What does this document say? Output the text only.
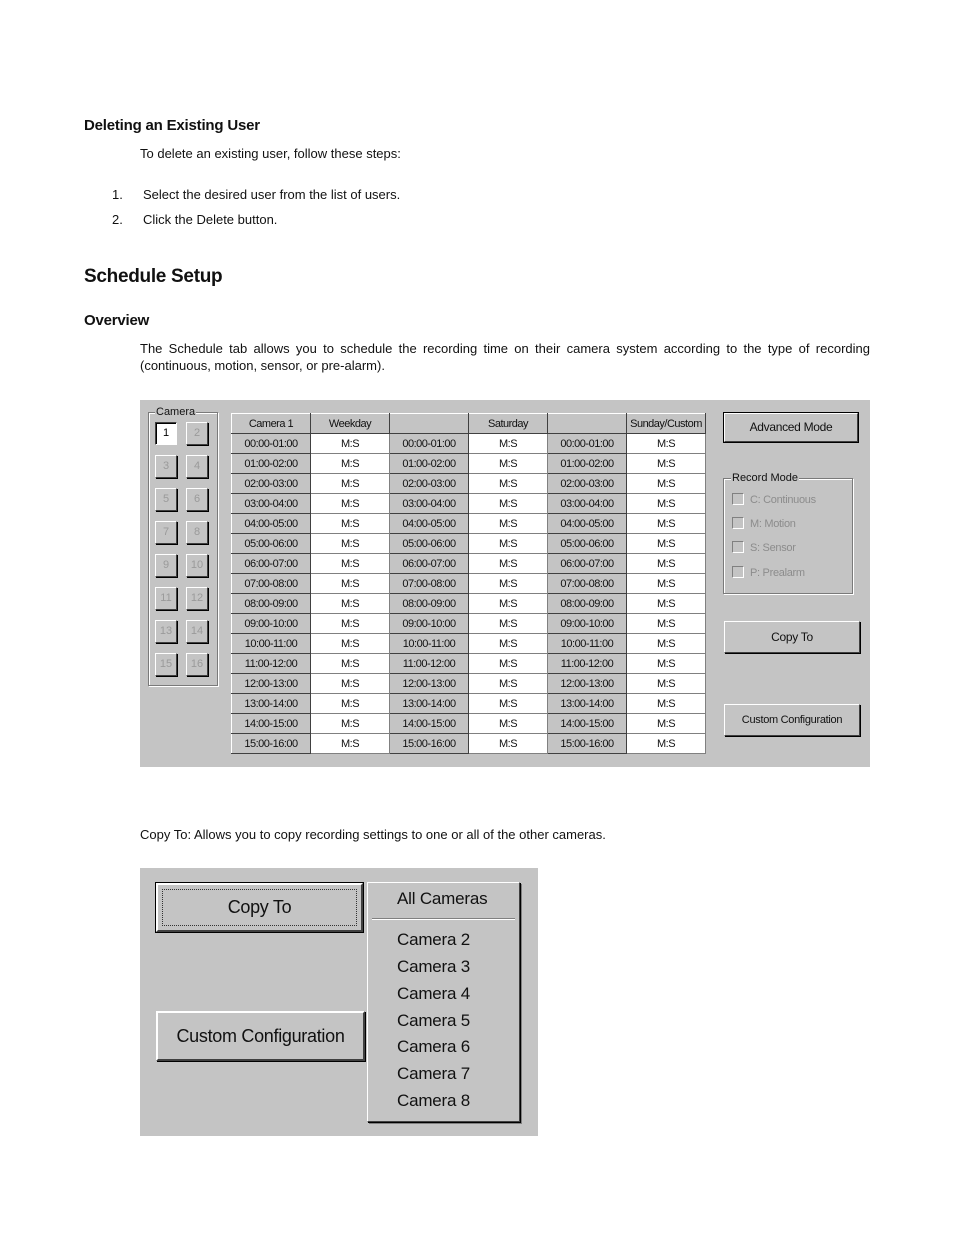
Deleting an Existing User
To delete an existing user, follow these steps:
1. Select the desired user from the list of users.
2. Click the Delete button.
Schedule Setup
Overview
The Schedule tab allows you to schedule the recording time on their camera system according to the type of recording (continuous, motion, sensor, or pre-alarm).
Camera
1	2
3	4
5	6
7	8
9	10
11	12
13	14
15	16
Camera 1	Weekday		Saturday		Sunday/Custom
00:00-01:00	M:S	00:00-01:00	M:S	00:00-01:00	M:S
01:00-02:00	M:S	01:00-02:00	M:S	01:00-02:00	M:S
02:00-03:00	M:S	02:00-03:00	M:S	02:00-03:00	M:S
03:00-04:00	M:S	03:00-04:00	M:S	03:00-04:00	M:S
04:00-05:00	M:S	04:00-05:00	M:S	04:00-05:00	M:S
05:00-06:00	M:S	05:00-06:00	M:S	05:00-06:00	M:S
06:00-07:00	M:S	06:00-07:00	M:S	06:00-07:00	M:S
07:00-08:00	M:S	07:00-08:00	M:S	07:00-08:00	M:S
08:00-09:00	M:S	08:00-09:00	M:S	08:00-09:00	M:S
09:00-10:00	M:S	09:00-10:00	M:S	09:00-10:00	M:S
10:00-11:00	M:S	10:00-11:00	M:S	10:00-11:00	M:S
11:00-12:00	M:S	11:00-12:00	M:S	11:00-12:00	M:S
12:00-13:00	M:S	12:00-13:00	M:S	12:00-13:00	M:S
13:00-14:00	M:S	13:00-14:00	M:S	13:00-14:00	M:S
14:00-15:00	M:S	14:00-15:00	M:S	14:00-15:00	M:S
15:00-16:00	M:S	15:00-16:00	M:S	15:00-16:00	M:S
Advanced Mode
C: Continuous
M: Motion
S: Sensor
P: Prealarm
Record Mode
Copy To
Custom Configuration
Copy To: Allows you to copy recording settings to one or all of the other cameras.
Copy To
Custom Configuration
All Cameras
Camera 2
Camera 3
Camera 4
Camera 5
Camera 6
Camera 7
Camera 8
